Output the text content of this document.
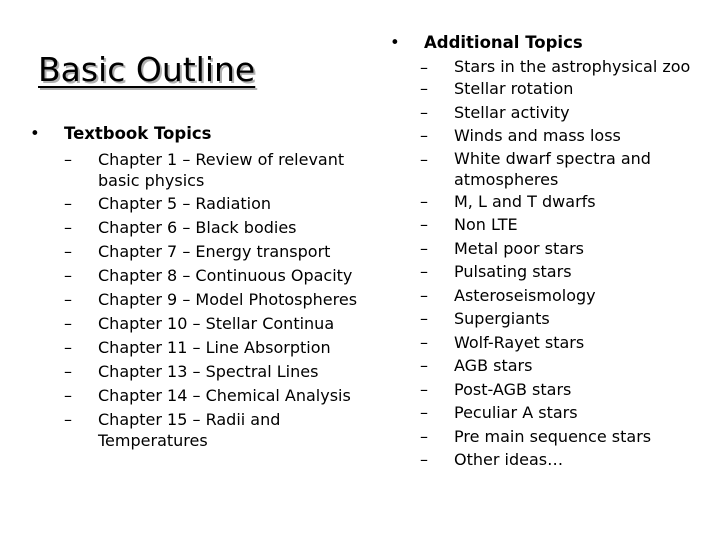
Basic Outline
• Textbook Topics
– Chapter 1 – Review of relevant basic physics
– Chapter 5 – Radiation
– Chapter 6 – Black bodies
– Chapter 7 – Energy transport
– Chapter 8 – Continuous Opacity
– Chapter 9 – Model Photospheres
– Chapter 10 – Stellar Continua
– Chapter 11 – Line Absorption
– Chapter 13 – Spectral Lines
– Chapter 14 – Chemical Analysis
– Chapter 15 – Radii and Temperatures
• Additional Topics
– Stars in the astrophysical zoo
– Stellar rotation
– Stellar activity
– Winds and mass loss
– White dwarf spectra and atmospheres
– M, L and T dwarfs
– Non LTE
– Metal poor stars
– Pulsating stars
– Asteroseismology
– Supergiants
– Wolf-Rayet stars
– AGB stars
– Post-AGB stars
– Peculiar A stars
– Pre main sequence stars
– Other ideas…
